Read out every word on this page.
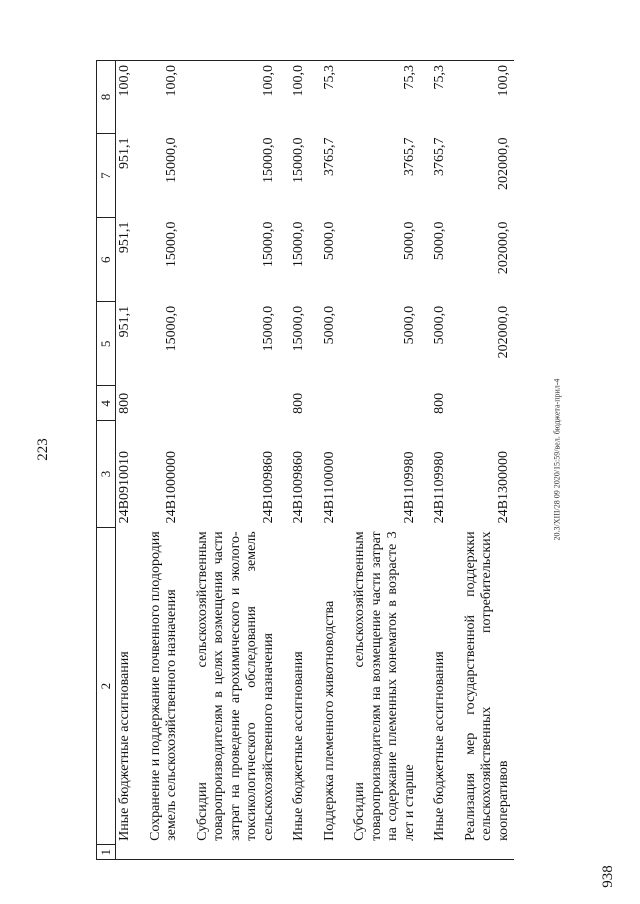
223
1	2	3	4	5	6	7	8
	Иные бюджетные ассигнования	24B0910010	800	951,1	951,1	951,1	100,0

	Сохранение и поддержание почвенного плодородия земель сельскохозяйственного назначения	24B1000000		15000,0	15000,0	15000,0	100,0

	Субсидии сельскохозяйственным товаропроизводителям в целях возмещения части затрат на проведение агрохимического и эколого-токсикологического обследования земель сельскохозяйственного назначения	24B1009860		15000,0	15000,0	15000,0	100,0

	Иные бюджетные ассигнования	24B1009860	800	15000,0	15000,0	15000,0	100,0

	Поддержка племенного животноводства	24B1100000		5000,0	5000,0	3765,7	75,3

	Субсидии сельскохозяйственным товаропроизводителям на возмещение части затрат на содержание племенных конематок в возрасте 3 лет и старше	24B1109980		5000,0	5000,0	3765,7	75,3

	Иные бюджетные ассигнования	24B1109980	800	5000,0	5000,0	3765,7	75,3

	Реализация мер государственной поддержки сельскохозяйственных потребительских кооперативов	24B1300000		202000,0	202000,0	202000,0	100,0
20.3/XIII/28 09 2020/15:59/вел. бюджета-прил-4
938
